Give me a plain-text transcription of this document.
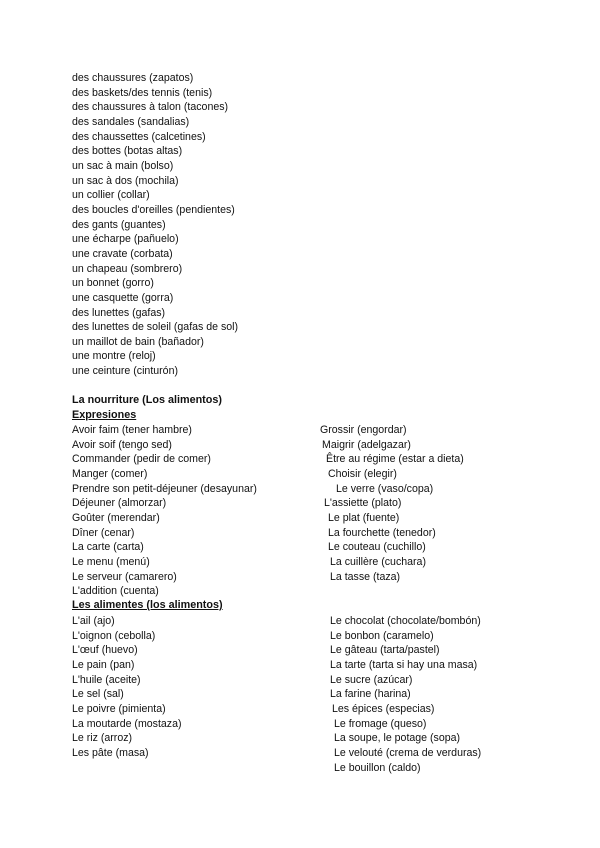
des chaussures (zapatos)
des baskets/des tennis (tenis)
des chaussures à talon (tacones)
des sandales (sandalias)
des chaussettes (calcetines)
des bottes (botas altas)
un sac à main (bolso)
un sac à dos (mochila)
un collier (collar)
des boucles d'oreilles (pendientes)
des gants (guantes)
une écharpe (pañuelo)
une cravate (corbata)
un chapeau (sombrero)
un bonnet (gorro)
une casquette (gorra)
des lunettes (gafas)
des lunettes de soleil (gafas de sol)
un maillot de bain (bañador)
une montre (reloj)
une ceinture (cinturón)
La nourriture (Los alimentos)
Expresiones
Avoir faim (tener hambre)
Avoir soif (tengo sed)
Commander (pedir de comer)
Manger (comer)
Prendre son petit-déjeuner (desayunar)
Déjeuner (almorzar)
Goûter (merendar)
Dîner (cenar)
La carte (carta)
Le menu (menú)
Le serveur (camarero)
L'addition (cuenta)
Grossir (engordar)
Maigrir (adelgazar)
Être au régime (estar a dieta)
Choisir (elegir)
Le verre (vaso/copa)
L'assiette (plato)
Le plat (fuente)
La fourchette (tenedor)
Le couteau (cuchillo)
La cuillère (cuchara)
La tasse (taza)
Les alimentes (los alimentos)
L'ail (ajo)
L'oignon (cebolla)
L'œuf (huevo)
Le pain (pan)
L'huile (aceite)
Le sel (sal)
Le poivre (pimienta)
La moutarde (mostaza)
Le riz (arroz)
Les pâte (masa)
Le chocolat (chocolate/bombón)
Le bonbon (caramelo)
Le gâteau (tarta/pastel)
La tarte (tarta si hay una masa)
Le sucre (azúcar)
La farine (harina)
Les épices (especias)
Le fromage (queso)
La soupe, le potage (sopa)
Le velouté (crema de verduras)
Le bouillon (caldo)
